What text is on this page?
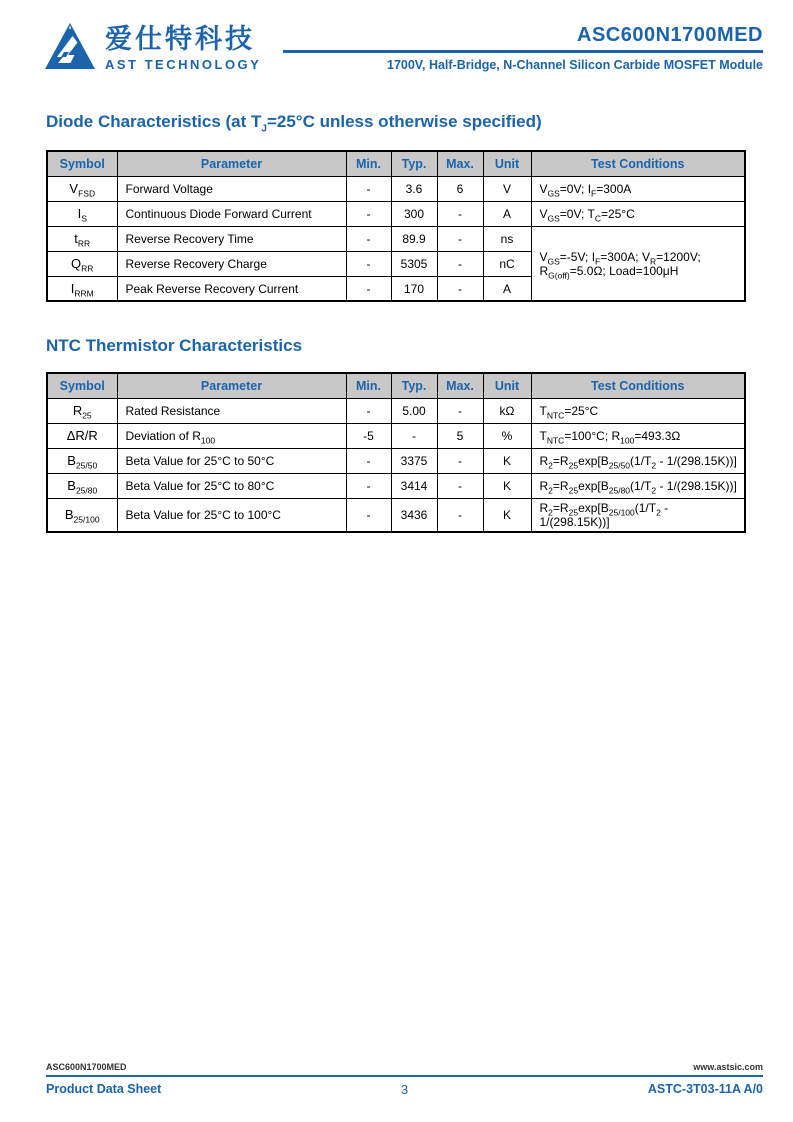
爱仕特科技
AST TECHNOLOGY
ASC600N1700MED
1700V, Half-Bridge, N-Channel Silicon Carbide MOSFET Module
Diode Characteristics (at $T_J=25^\circ C$ unless otherwise specified)
Symbol	Parameter	Min.	Typ.	Max.	Unit	Test Conditions
$V_{FSD}$	Forward Voltage	-	3.6	6	V	$V_{GS}=0V$; $I_F=300A$
$I_S$	Continuous Diode Forward Current	-	300	-	A	$V_{GS}=0V$; $T_C=25^\circ C$
$t_{RR}$	Reverse Recovery Time	-	89.9	-	ns	$V_{GS}=-5V$; $I_F=300A$; $V_R=1200V$;
$R_{G(off)}=5.0\Omega$; Load=100μH
$Q_{RR}$	Reverse Recovery Charge	-	5305	-	nC	
$I_{RRM}$	Peak Reverse Recovery Current	-	170	-	A	
NTC Thermistor Characteristics
Symbol	Parameter	Min.	Typ.	Max.	Unit	Test Conditions
$R_{25}$	Rated Resistance	-	5.00	-	kΩ	$T_{NTC}=25^\circ C$
ΔR/R	Deviation of $R_{100}$	-5	-	5	%	$T_{NTC}=100^\circ C$; $R_{100}=493.3\Omega$
$B_{25/50}$	Beta Value for 25°C to 50°C	-	3375	-	K	$R_2=R_{25}\exp[B_{25/50}(1/T_2 - 1/(298.15K))]$
$B_{25/80}$	Beta Value for 25°C to 80°C	-	3414	-	K	$R_2=R_{25}\exp[B_{25/80}(1/T_2 - 1/(298.15K))]$
$B_{25/100}$	Beta Value for 25°C to 100°C	-	3436	-	K	$R_2=R_{25}\exp[B_{25/100}(1/T_2 - 1/(298.15K))]$
ASC600N1700MED	www.astsic.com
3
Product Data Sheet	ASTC-3T03-11A A/0
